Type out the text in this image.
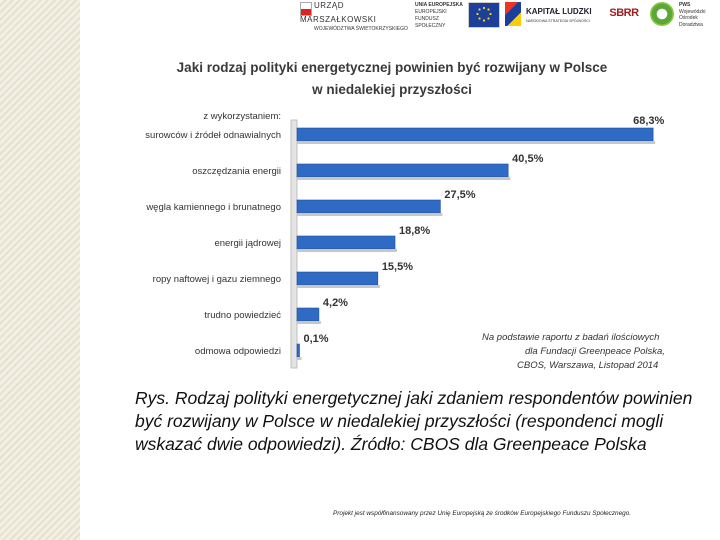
URZĄD MARSZAŁKOWSKI
WOJEWÓDZTWA ŚWIĘTOKRZYSKIEGO
UNIA EUROPEJSKA
EUROPEJSKI
FUNDUSZ SPOŁECZNY
KAPITAŁ LUDZKI
NARODOWA STRATEGIA SPÓJNOŚCI
SBRR
PWS
Wojewódzki
Ośrodek
Doradztwa
Jaki rodzaj polityki energetycznej powinien być rozwijany w Polsce
w niedalekiej przyszłości
z wykorzystaniem:
surowców i źródeł odnawialnych
oszczędzania energii
węgla kamiennego i brunatnego
energii jądrowej
ropy naftowej i gazu ziemnego
trudno powiedzieć
odmowa odpowiedzi
68,3%
40,5%
27,5%
18,8%
15,5%
4,2%
0,1%	Na podstawie raportu z badań ilościowych
dla Fundacji Greenpeace Polska,
CBOS, Warszawa, Listopad 2014

Rys. Rodzaj polityki energetycznej jaki zdaniem respondentów powinien być rozwijany w Polsce w niedalekiej przyszłości (respondenci mogli wskazać dwie odpowiedzi). Źródło: CBOS dla Greenpeace Polska

Projekt jest współfinansowany przez Unię Europejską ze środków Europejskiego Funduszu Społecznego.
